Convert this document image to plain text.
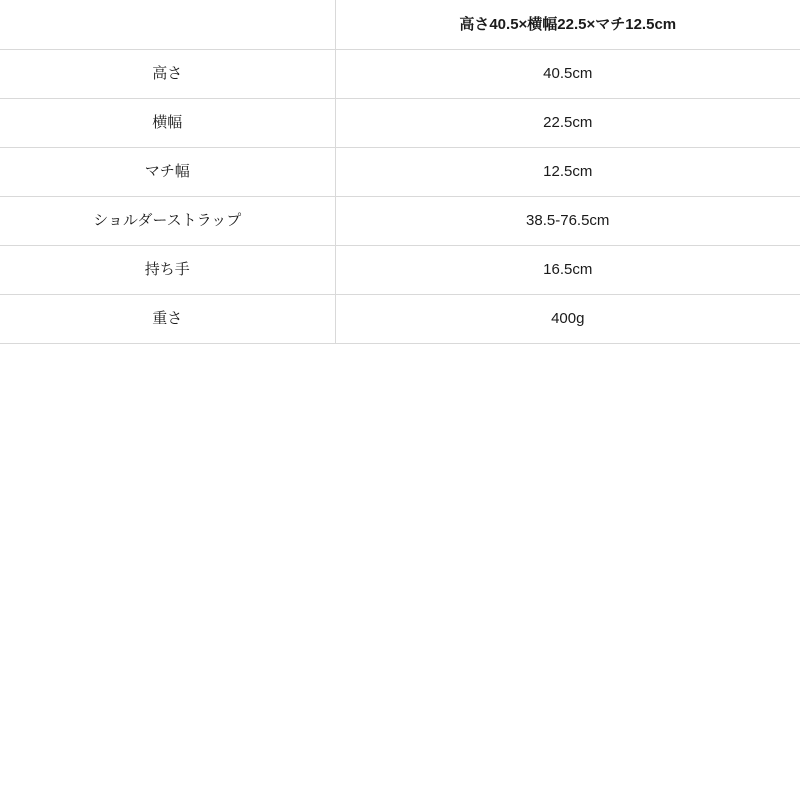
	高さ40.5×横幅22.5×マチ12.5cm
高さ	40.5cm
横幅	22.5cm
マチ幅	12.5cm
ショルダーストラップ	38.5-76.5cm
持ち手	16.5cm
重さ	400g
